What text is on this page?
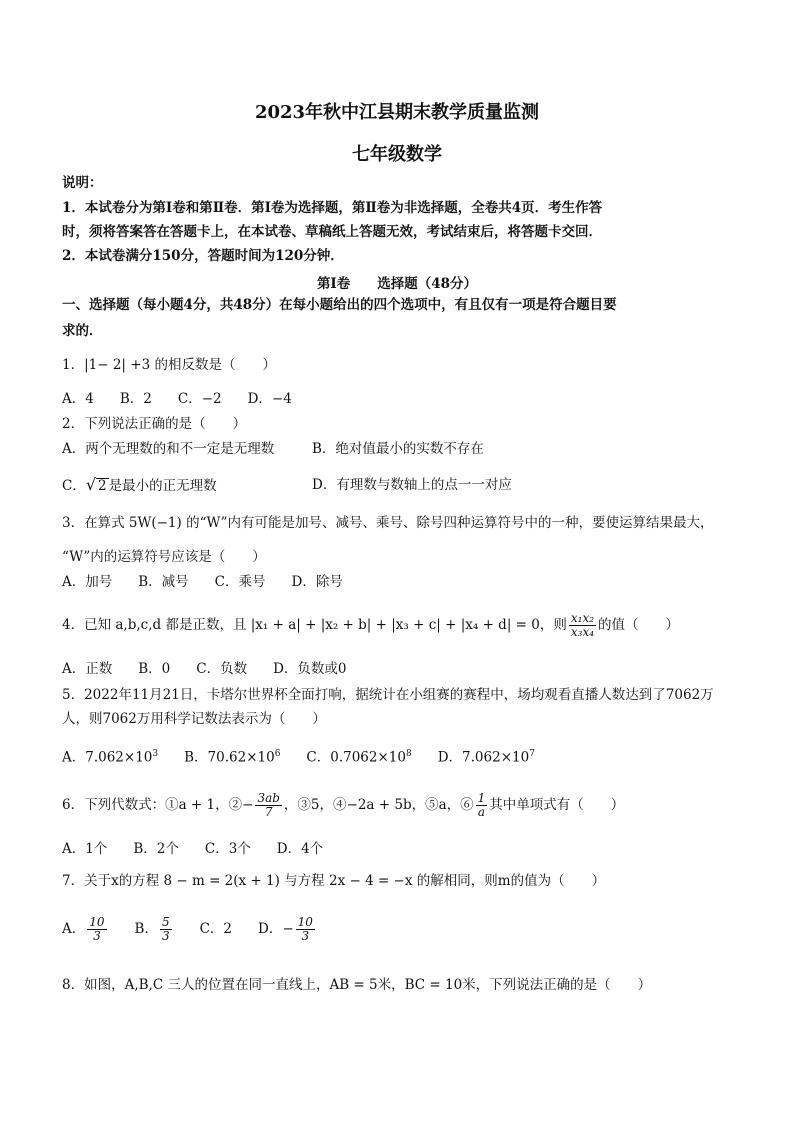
2023年秋中江县期末教学质量监测
七年级数学
说明：
1．本试卷分为第Ⅰ卷和第Ⅱ卷．第Ⅰ卷为选择题，第Ⅱ卷为非选择题，全卷共4页．考生作答
时，须将答案答在答题卡上，在本试卷、草稿纸上答题无效，考试结束后，将答题卡交回．
2．本试卷满分150分，答题时间为120分钟．
第Ⅰ卷　　选择题（48分）
一、选择题（每小题4分，共48分）在每小题给出的四个选项中，有且仅有一项是符合题目要
求的．
1．|1− 2| +3 的相反数是（　　）
A．4 B．2 C．−2 D．−4
2．下列说法正确的是（　　）
A．两个无理数的和不一定是无理数	B．绝对值最小的实数不存在
C．√ 2 是最小的正无理数	D．有理数与数轴上的点一一对应
3．在算式 5W(−1) 的“W”内有可能是加号、减号、乘号、除号四种运算符号中的一种，要使运算结果最大，
“W”内的运算符号应该是（　　）
A．加号 B．减号 C．乘号 D．除号
4．已知 a,b,c,d 都是正数，且 |x₁ + a| + |x₂ + b| + |x₃ + c| + |x₄ + d| = 0，则 $\frac{\text{x₁x₂}}{\text{x₃x₄}}$ 的值（　　）
A．正数 B．0 C．负数 D．负数或0
5．2022年11月21日，卡塔尔世界杯全面打响，据统计在小组赛的赛程中，场均观看直播人数达到了7062万
人，则7062万用科学记数法表示为（　　）
A．$7.062\times 10^3$ B．$70.62\times 10^6$ C．$0.7062\times 10^8$ D．$7.062\times 10^7$
6．下列代数式：①a + 1，②− $\frac{3ab}{7}$ ，③5，④−2a + 5b，⑤a，⑥ $\frac{1}{a}$ 其中单项式有（　　）
A．1个 B．2个 C．3个 D．4个
7．关于x的方程 8 − m = 2(x + 1) 与方程 2x − 4 = −x 的解相同，则m的值为（　　）
A． $\frac{10}{3}$ B． $\frac{5}{3}$ C．2 D．− $\frac{10}{3}$
8．如图，A,B,C 三人的位置在同一直线上，AB = 5米，BC = 10米，下列说法正确的是（　　）
